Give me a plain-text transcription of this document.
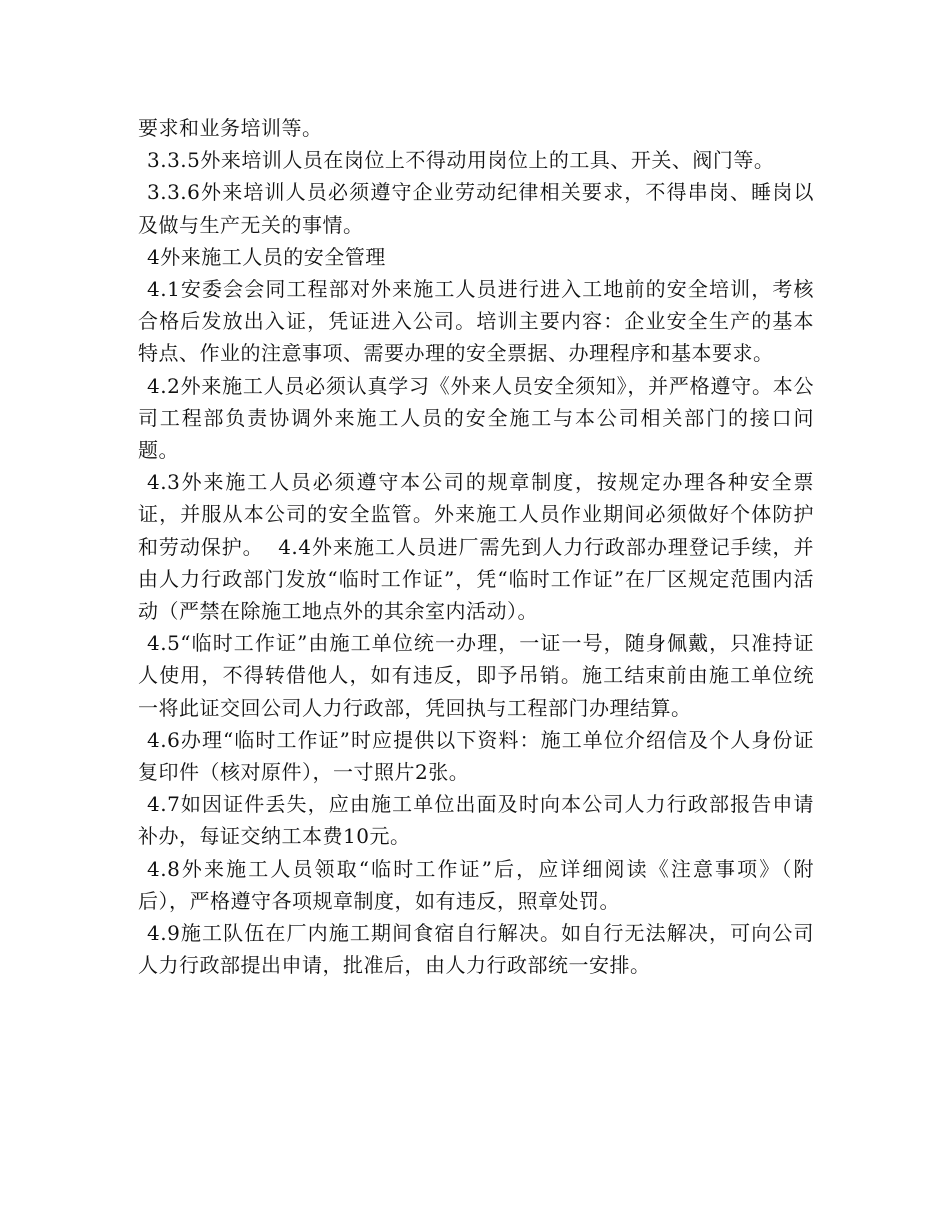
要求和业务培训等。

3.3.5外来培训人员在岗位上不得动用岗位上的工具、开关、阀门等。

3.3.6外来培训人员必须遵守企业劳动纪律相关要求，不得串岗、睡岗以及做与生产无关的事情。

4外来施工人员的安全管理

4.1安委会会同工程部对外来施工人员进行进入工地前的安全培训，考核合格后发放出入证，凭证进入公司。培训主要内容：企业安全生产的基本特点、作业的注意事项、需要办理的安全票据、办理程序和基本要求。

4.2外来施工人员必须认真学习《外来人员安全须知》，并严格遵守。本公司工程部负责协调外来施工人员的安全施工与本公司相关部门的接口问题。

4.3外来施工人员必须遵守本公司的规章制度，按规定办理各种安全票证，并服从本公司的安全监管。外来施工人员作业期间必须做好个体防护和劳动保护。  4.4外来施工人员进厂需先到人力行政部办理登记手续，并由人力行政部门发放“临时工作证”，凭“临时工作证”在厂区规定范围内活动（严禁在除施工地点外的其余室内活动）。

4.5“临时工作证”由施工单位统一办理，一证一号，随身佩戴，只准持证人使用，不得转借他人，如有违反，即予吊销。施工结束前由施工单位统一将此证交回公司人力行政部，凭回执与工程部门办理结算。

4.6办理“临时工作证”时应提供以下资料：施工单位介绍信及个人身份证复印件（核对原件），一寸照片2张。

4.7如因证件丢失，应由施工单位出面及时向本公司人力行政部报告申请补办，每证交纳工本费10元。

4.8外来施工人员领取“临时工作证”后，应详细阅读《注意事项》（附后），严格遵守各项规章制度，如有违反，照章处罚。

4.9施工队伍在厂内施工期间食宿自行解决。如自行无法解决，可向公司人力行政部提出申请，批准后，由人力行政部统一安排。
